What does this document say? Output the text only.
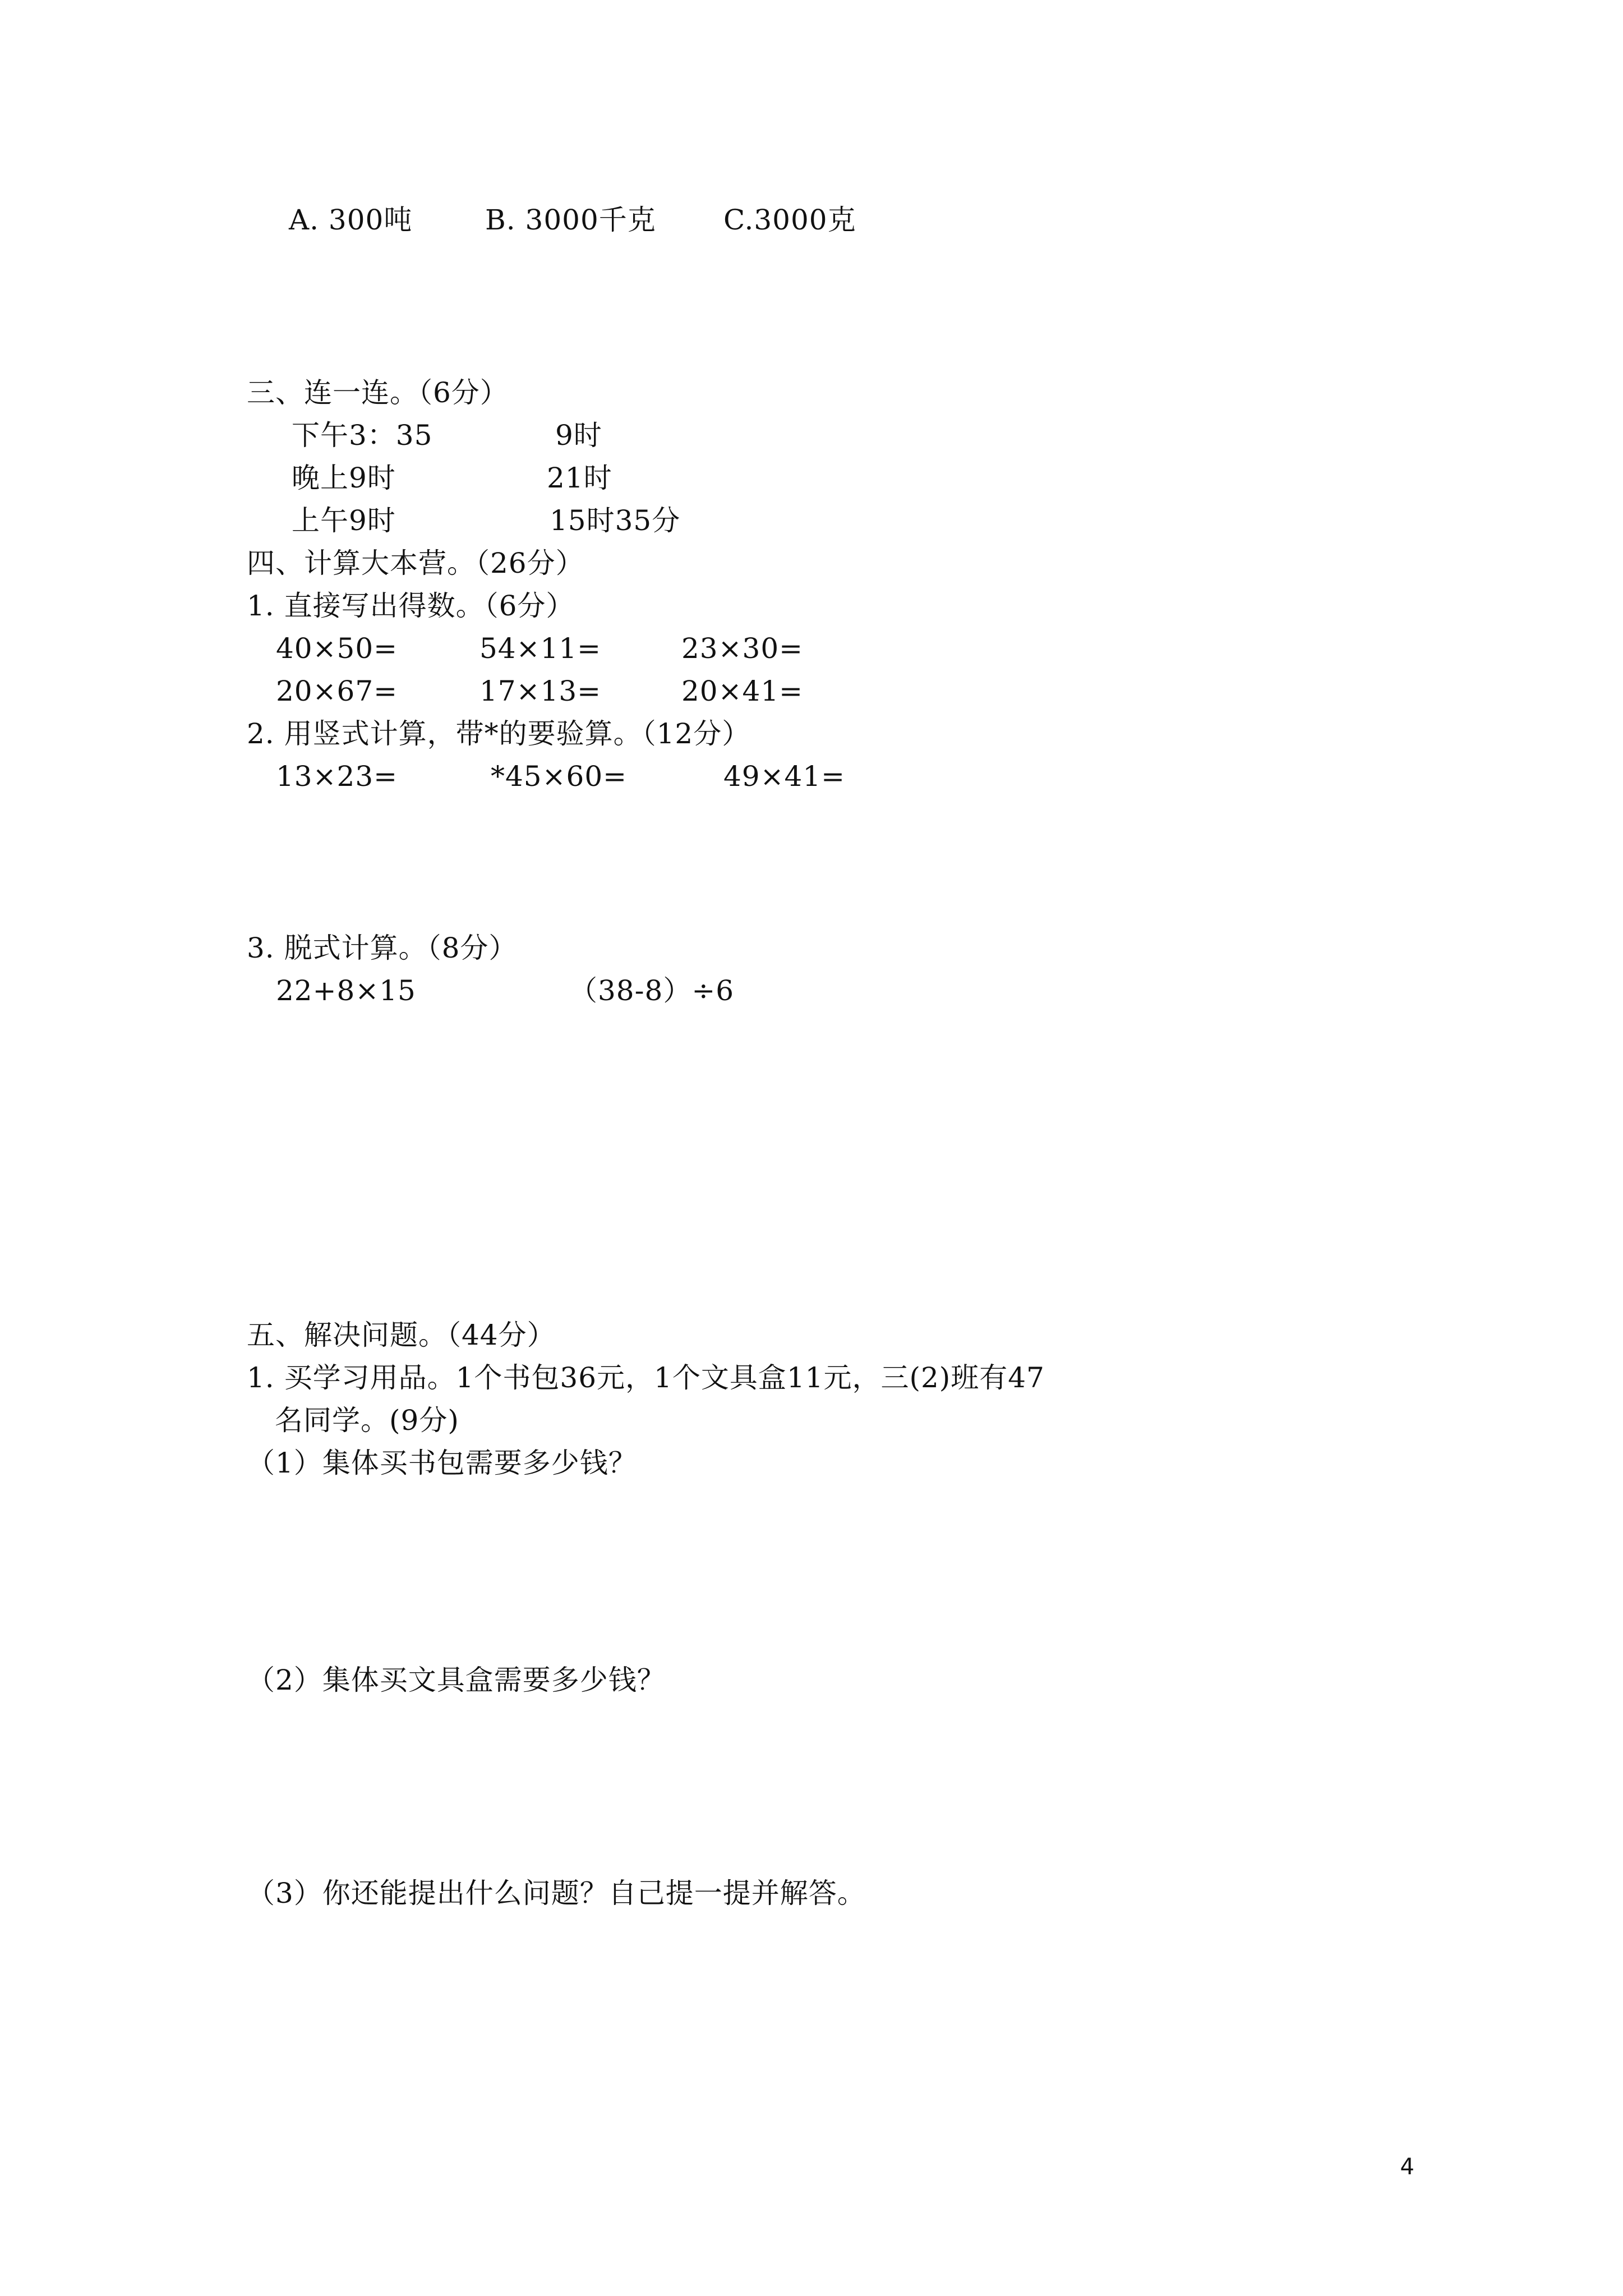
A. 300吨	B. 3000千克 C.3000克
三、连一连。（6分）
下午3：35	9时
晚上9时	21时
上午9时	15时35分
四、计算大本营。（26分）
1. 直接写出得数。（6分）
40×50=	54×11=	23×30=
20×67=	17×13=	20×41=
2. 用竖式计算，带*的要验算。（12分）
13×23=	*45×60=	49×41=
3. 脱式计算。（8分）
22+8×15	（38-8）÷6
五、解决问题。（44分）
1. 买学习用品。1个书包36元，1个文具盒11元，三(2)班有47
名同学。(9分)
（1）集体买书包需要多少钱？
（2）集体买文具盒需要多少钱？
（3）你还能提出什么问题？自己提一提并解答。
4
